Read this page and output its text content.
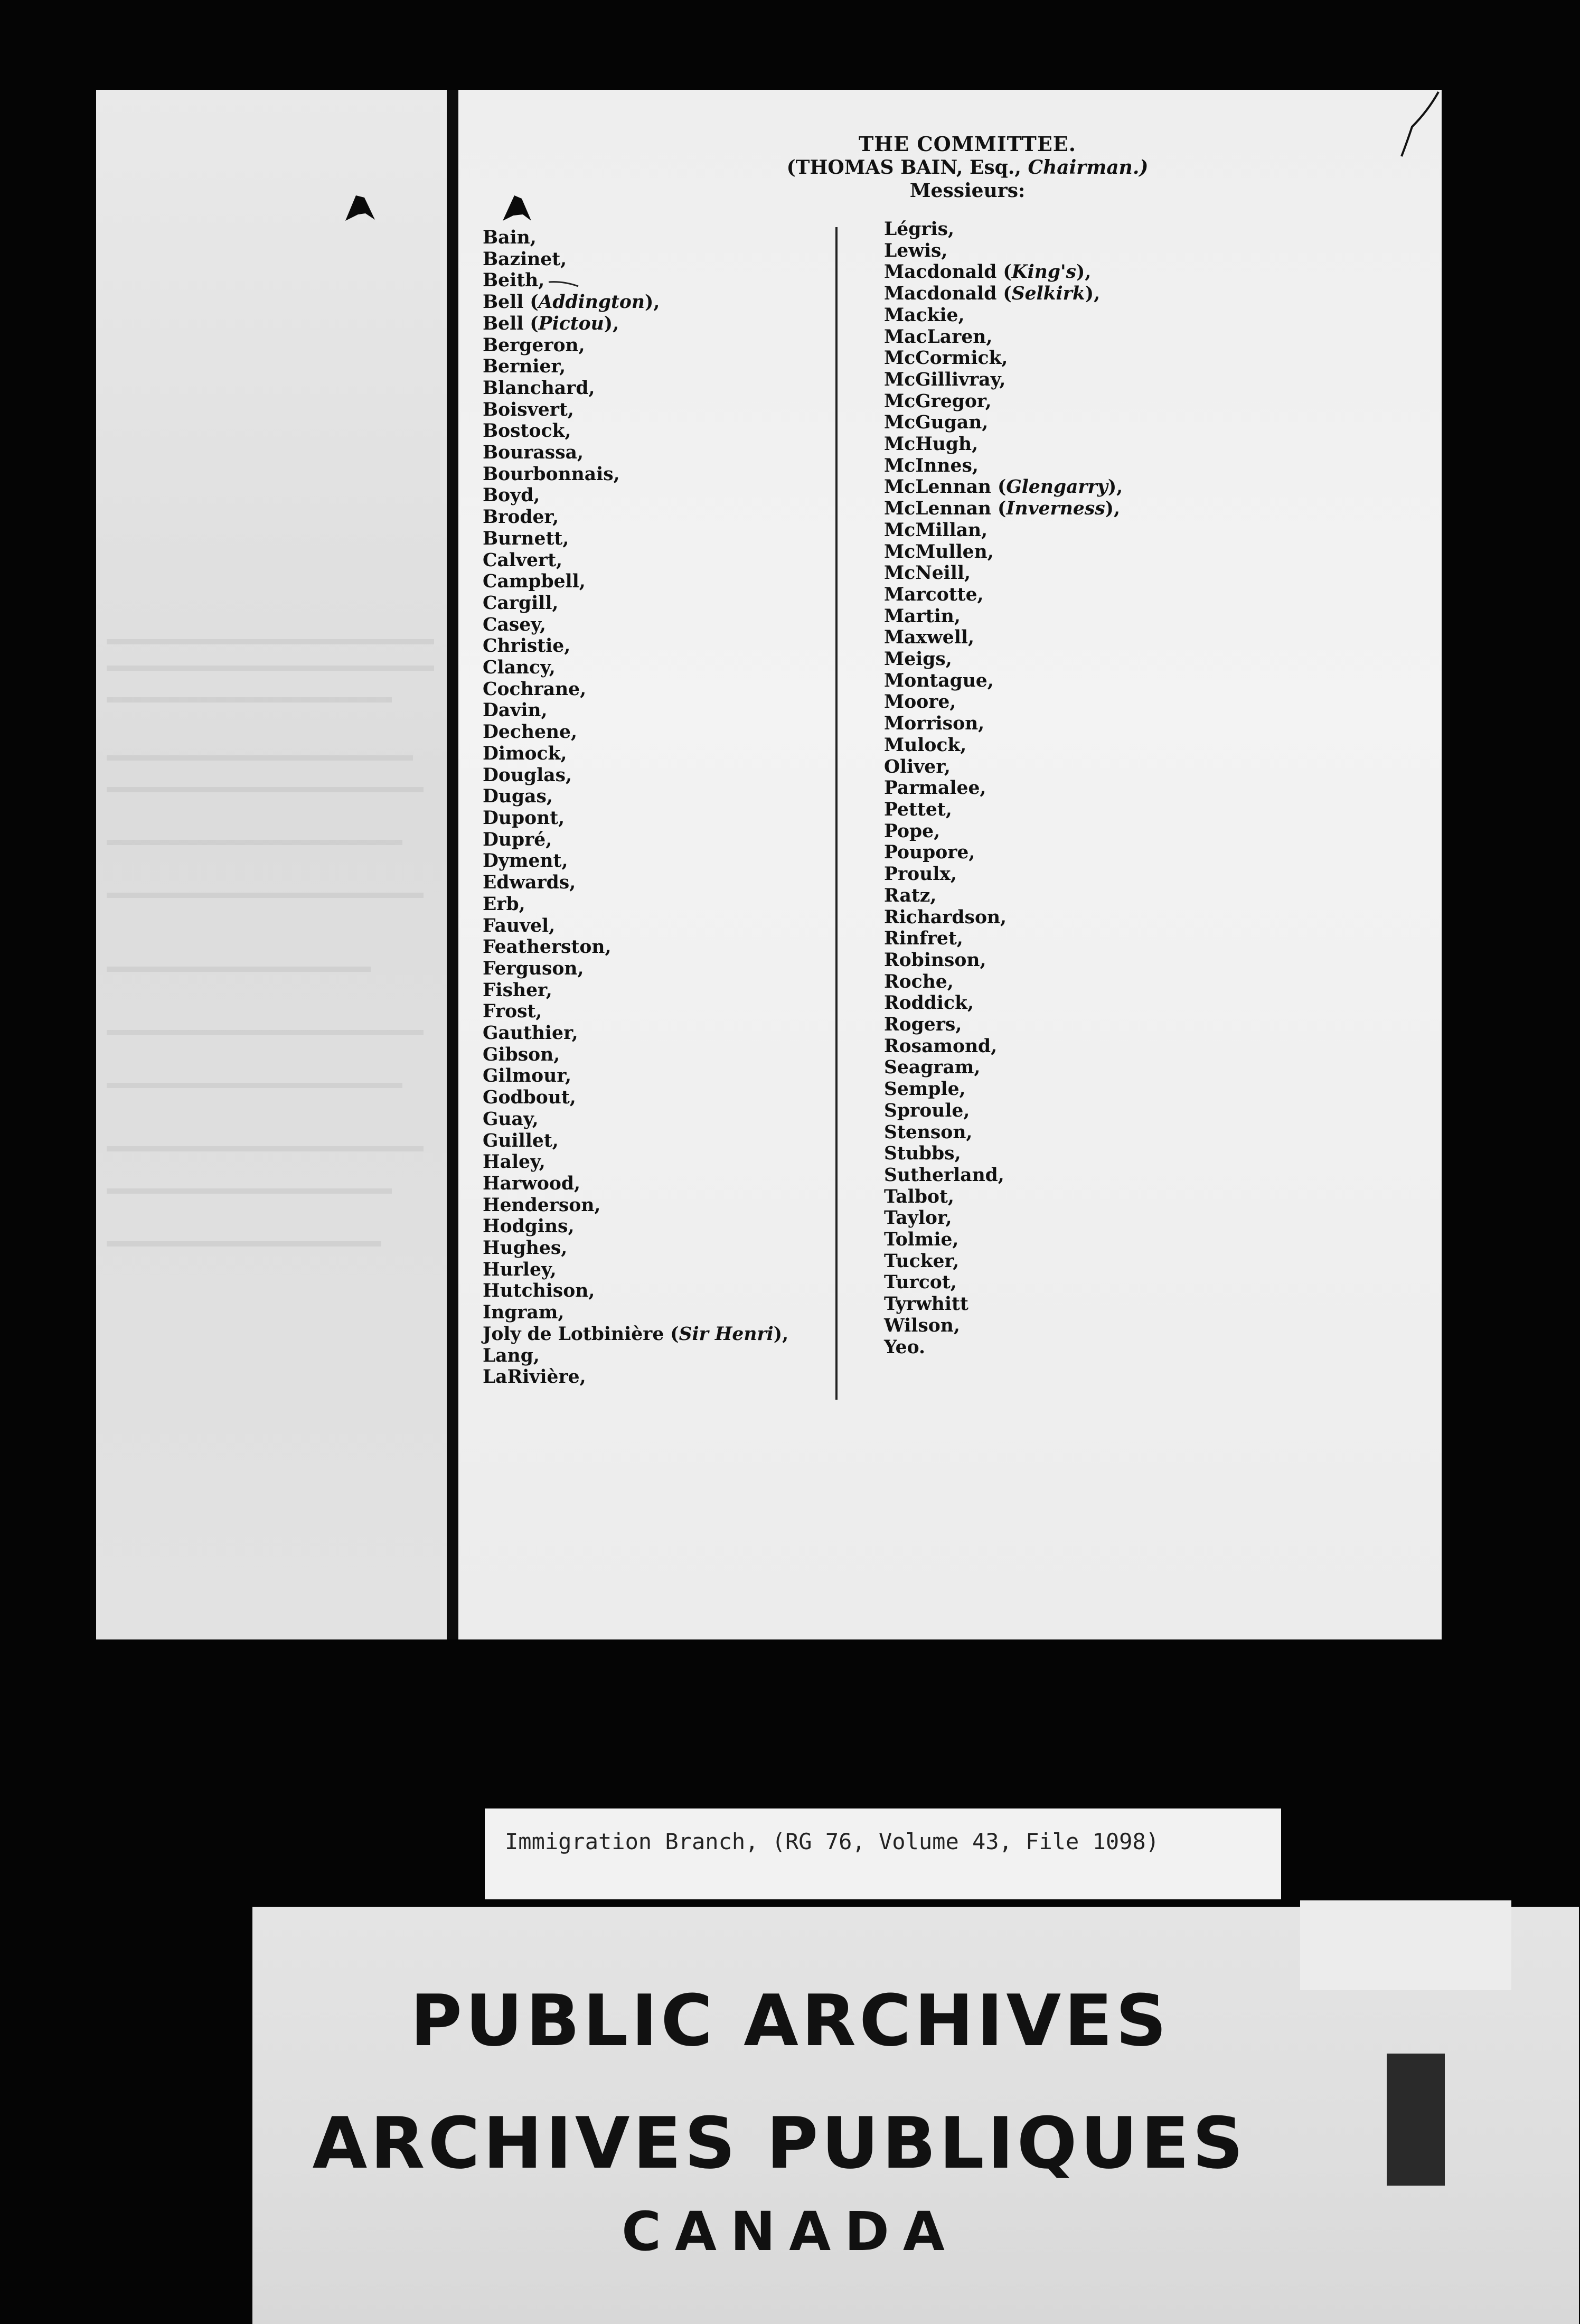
THE COMMITTEE.
(THOMAS BAIN, Esq., Chairman.)
Messieurs:
Bain,
Bazinet,
Beith,
Bell (Addington),
Bell (Pictou),
Bergeron,
Bernier,
Blanchard,
Boisvert,
Bostock,
Bourassa,
Bourbonnais,
Boyd,
Broder,
Burnett,
Calvert,
Campbell,
Cargill,
Casey,
Christie,
Clancy,
Cochrane,
Davin,
Dechene,
Dimock,
Douglas,
Dugas,
Dupont,
Dupré,
Dyment,
Edwards,
Erb,
Fauvel,
Featherston,
Ferguson,
Fisher,
Frost,
Gauthier,
Gibson,
Gilmour,
Godbout,
Guay,
Guillet,
Haley,
Harwood,
Henderson,
Hodgins,
Hughes,
Hurley,
Hutchison,
Ingram,
Joly de Lotbinière (Sir Henri),
Lang,
LaRivière,
Légris,
Lewis,
Macdonald (King's),
Macdonald (Selkirk),
Mackie,
MacLaren,
McCormick,
McGillivray,
McGregor,
McGugan,
McHugh,
McInnes,
McLennan (Glengarry),
McLennan (Inverness),
McMillan,
McMullen,
McNeill,
Marcotte,
Martin,
Maxwell,
Meigs,
Montague,
Moore,
Morrison,
Mulock,
Oliver,
Parmalee,
Pettet,
Pope,
Poupore,
Proulx,
Ratz,
Richardson,
Rinfret,
Robinson,
Roche,
Roddick,
Rogers,
Rosamond,
Seagram,
Semple,
Sproule,
Stenson,
Stubbs,
Sutherland,
Talbot,
Taylor,
Tolmie,
Tucker,
Turcot,
Tyrwhitt
Wilson,
Yeo.
Immigration Branch, (RG 76, Volume 43, File 1098)
PUBLIC ARCHIVES
ARCHIVES PUBLIQUES
CANADA
